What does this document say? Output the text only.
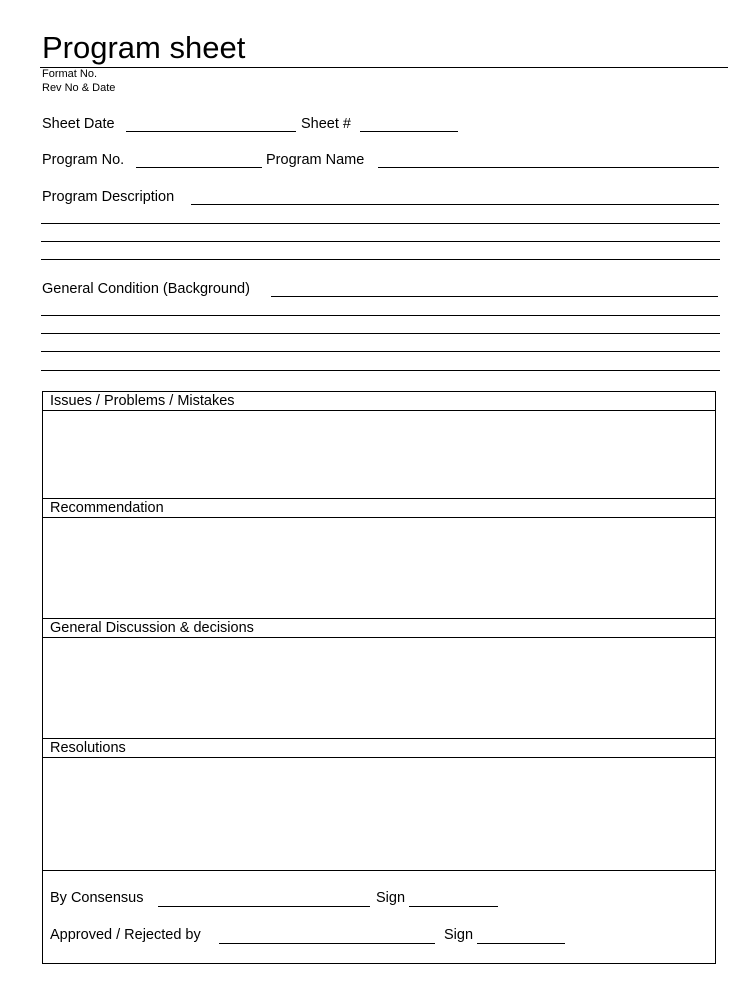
Program sheet
Format No.
Rev No & Date
Sheet Date	Sheet #
Program No.	Program Name
Program Description
General Condition (Background)
Issues / Problems / Mistakes
Recommendation
General Discussion & decisions
Resolutions
By Consensus	Sign
Approved / Rejected by	Sign
